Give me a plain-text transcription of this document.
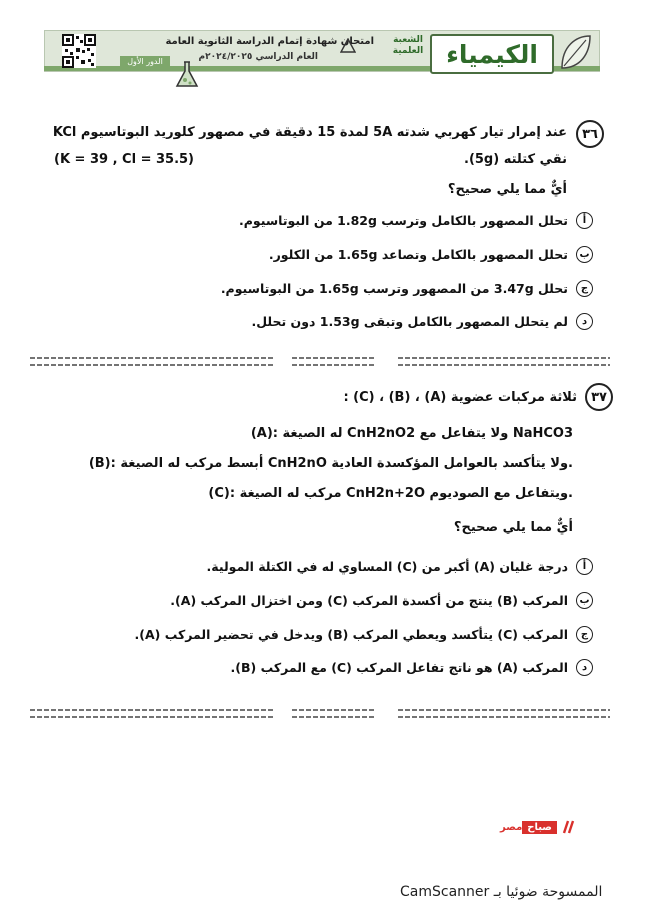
امتحان شهادة إتمام الدراسة الثانوية العامة
العام الدراسي ٢٠٢٤/٢٠٢٥م
الدور الأول
الشعبة العلمية الكيمياء
٣٦
عند إمرار تيار كهربي شدته 5A لمدة 15 دقيقة في مصهور كلوريد البوتاسيوم KCl
نقي كتلته (5g).
(K = 39 , Cl = 35.5)
أيٌّ مما يلي صحيح؟
أ
تحلل المصهور بالكامل وترسب 1.82g من البوتاسيوم.
ب
تحلل المصهور بالكامل وتصاعد 1.65g من الكلور.
ج
تحلل 3.47g من المصهور وترسب 1.65g من البوتاسيوم.
د
لم يتحلل المصهور بالكامل وتبقى 1.53g دون تحلل.
٣٧
ثلاثة مركبات عضوية (A) ، (B) ، (C) :
(A): له الصيغة CnH2nO2 ولا يتفاعل مع NaHCO3
(B): أبسط مركب له الصيغة CnH2nO ولا يتأكسد بالعوامل المؤكسدة العادية.
(C): مركب له الصيغة CnH2n+2O ويتفاعل مع الصوديوم.
أيٌّ مما يلي صحيح؟
أ
درجة غليان (A) أكبر من (C) المساوي له في الكتلة المولية.
ب
المركب (B) ينتج من أكسدة المركب (C) ومن اختزال المركب (A).
ج
المركب (C) يتأكسد ويعطي المركب (B) ويدخل في تحضير المركب (A).
د
المركب (A) هو ناتج تفاعل المركب (C) مع المركب (B).
مصر صباح
الممسوحة ضوئيا بـ CamScanner
